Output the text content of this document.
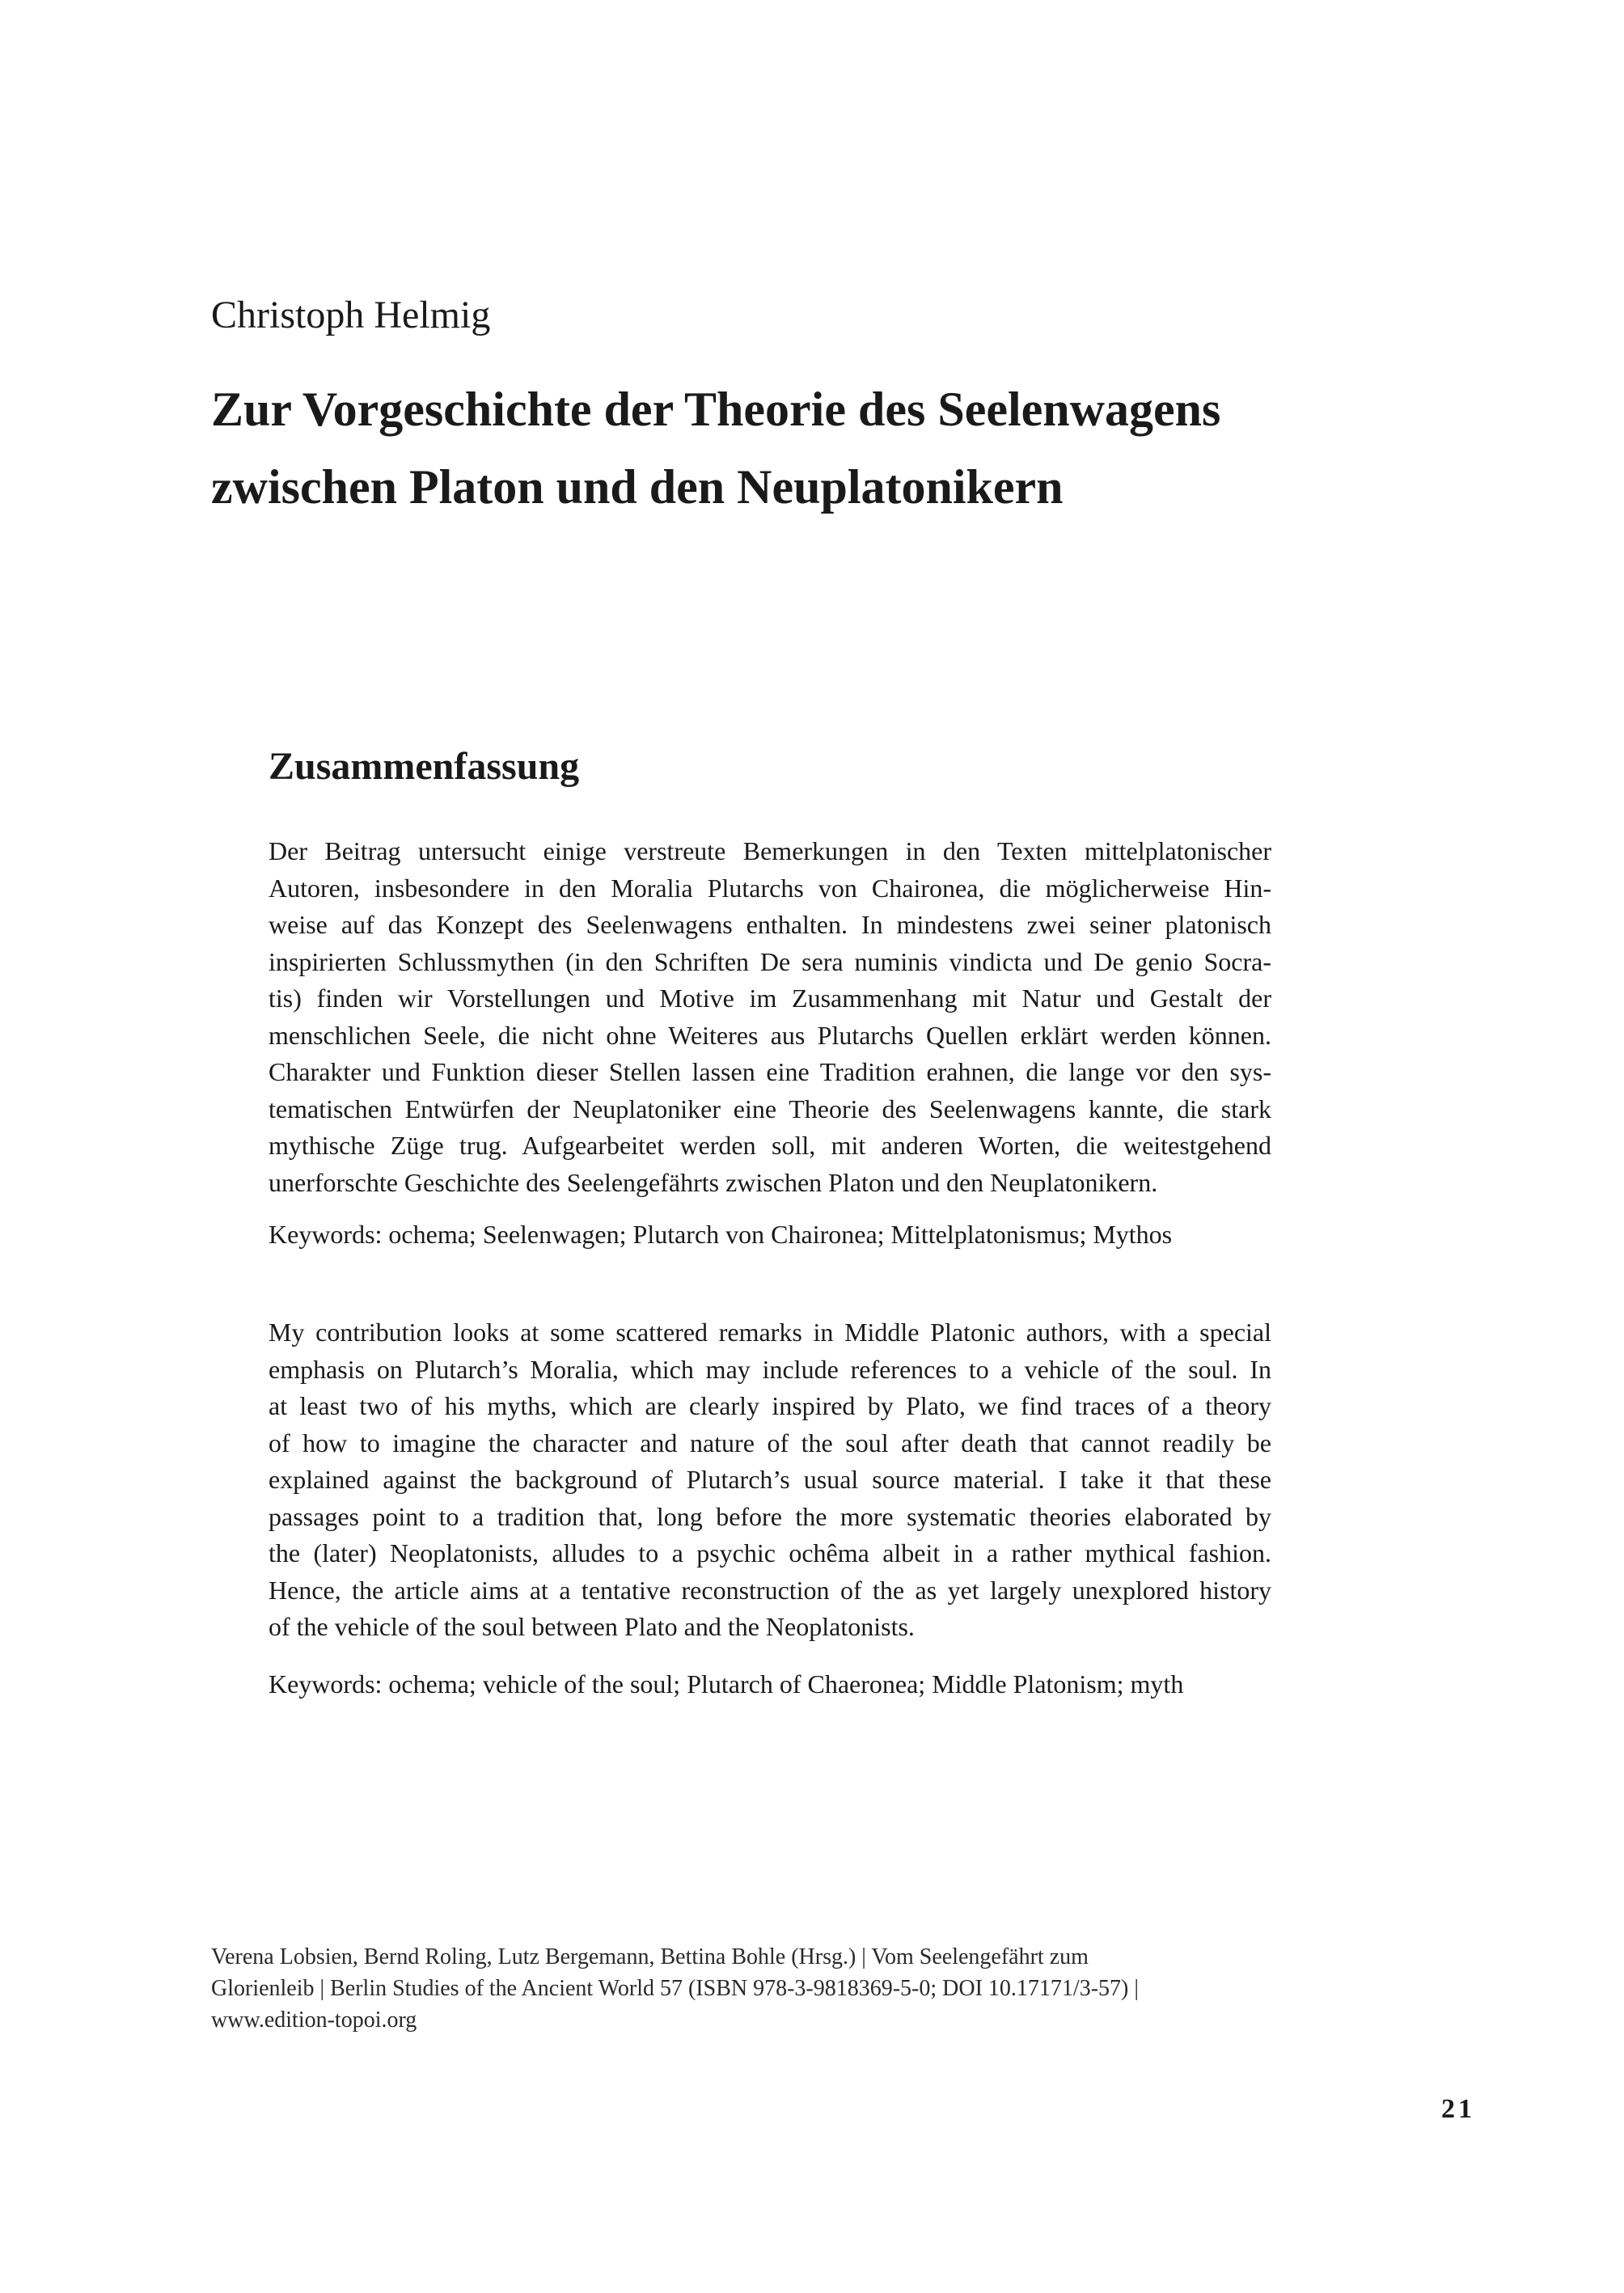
Christoph Helmig
Zur Vorgeschichte der Theorie des Seelenwagens
zwischen Platon und den Neuplatonikern
Zusammenfassung
Der Beitrag untersucht einige verstreute Bemerkungen in den Texten mittelplatonischer
Autoren, insbesondere in den Moralia Plutarchs von Chaironea, die möglicherweise Hin-
weise auf das Konzept des Seelenwagens enthalten. In mindestens zwei seiner platonisch
inspirierten Schlussmythen (in den Schriften De sera numinis vindicta und De genio Socra-
tis) finden wir Vorstellungen und Motive im Zusammenhang mit Natur und Gestalt der
menschlichen Seele, die nicht ohne Weiteres aus Plutarchs Quellen erklärt werden können.
Charakter und Funktion dieser Stellen lassen eine Tradition erahnen, die lange vor den sys-
tematischen Entwürfen der Neuplatoniker eine Theorie des Seelenwagens kannte, die stark
mythische Züge trug. Aufgearbeitet werden soll, mit anderen Worten, die weitestgehend
unerforschte Geschichte des Seelengefährts zwischen Platon und den Neuplatonikern.
Keywords: ochema; Seelenwagen; Plutarch von Chaironea; Mittelplatonismus; Mythos
My contribution looks at some scattered remarks in Middle Platonic authors, with a special
emphasis on Plutarch’s Moralia, which may include references to a vehicle of the soul. In
at least two of his myths, which are clearly inspired by Plato, we find traces of a theory
of how to imagine the character and nature of the soul after death that cannot readily be
explained against the background of Plutarch’s usual source material. I take it that these
passages point to a tradition that, long before the more systematic theories elaborated by
the (later) Neoplatonists, alludes to a psychic ochêma albeit in a rather mythical fashion.
Hence, the article aims at a tentative reconstruction of the as yet largely unexplored history
of the vehicle of the soul between Plato and the Neoplatonists.
Keywords: ochema; vehicle of the soul; Plutarch of Chaeronea; Middle Platonism; myth
Verena Lobsien, Bernd Roling, Lutz Bergemann, Bettina Bohle (Hrsg.) | Vom Seelengefährt zum
Glorienleib | Berlin Studies of the Ancient World 57 (ISBN 978-3-9818369-5-0; DOI 10.17171/3-57) |
www.edition-topoi.org
21
